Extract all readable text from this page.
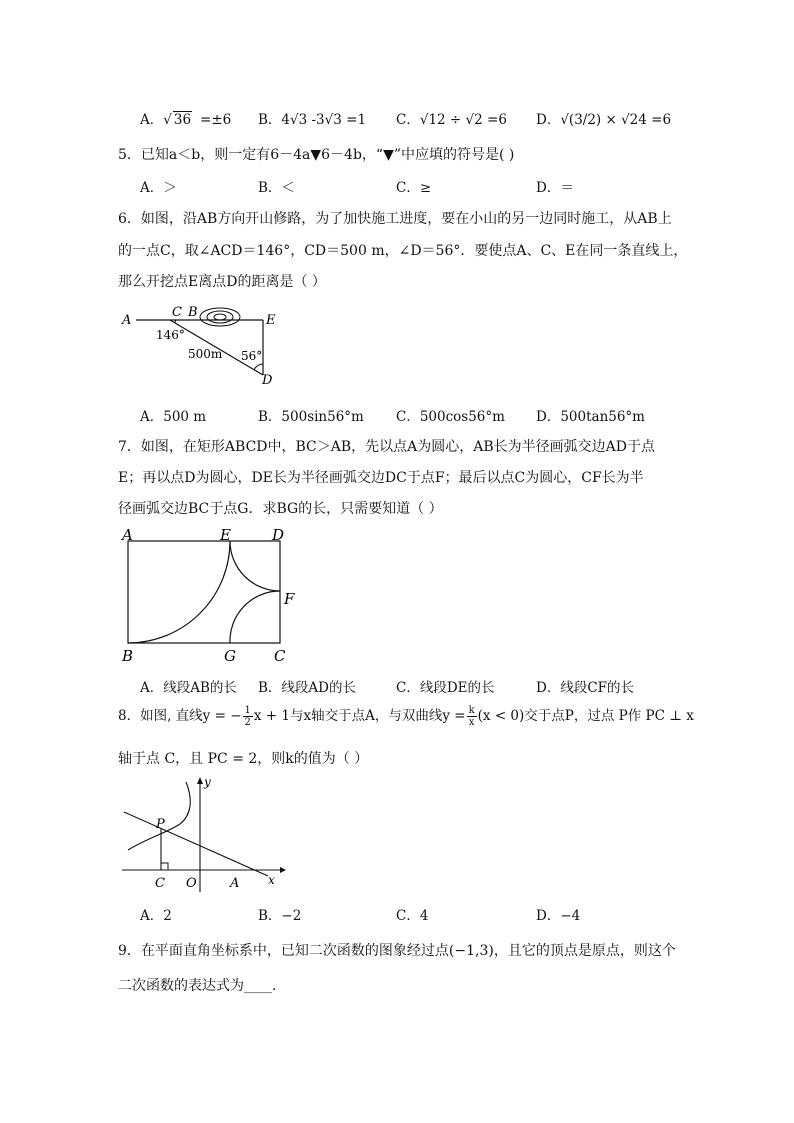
A．√ 36 =±6 B．4√3 -3√3 =1 C．√12 ÷ √2 =6 D．√(3/2) × √24 =6
5．已知a＜b，则一定有6－4a▼6－4b，“▼”中应填的符号是( )
A．＞	B．＜	C．≥	D．＝
6．如图，沿AB方向开山修路，为了加快施工进度，要在小山的另一边同时施工，从AB上
的一点C，取∠ACD＝146°，CD＝500 m，∠D＝56°．要使点A、C、E在同一条直线上，
那么开挖点E离点D的距离是（ ）
A
C B
E
D
146°
500m 56°
A．500 m	B．500sin56°m C．500cos56°m D．500tan56°m
7．如图，在矩形ABCD中，BC＞AB，先以点A为圆心，AB长为半径画弧交边AD于点
E；再以点D为圆心，DE长为半径画弧交边DC于点F；最后以点C为圆心，CF长为半
径画弧交边BC于点G．求BG的长，只需要知道（ ）
A	E	D
F
B	G	C
A．线段AB的长 B．线段AD的长	C．线段DE的长	D．线段CF的长
8．如图, 直线y = − $\frac{1}{2}$ x + 1与x轴交于点A，与双曲线$y = \frac{k}{x} (x < 0)$交于点P，过点 P作 PC ⊥ x
轴于点 C，且 PC = 2，则k的值为（ ）
y
x
P
C O	A
A．2	B．−2	C．4	D．−4
9．在平面直角坐标系中，已知二次函数的图象经过点(−1,3)，且它的顶点是原点，则这个
二次函数的表达式为____．
